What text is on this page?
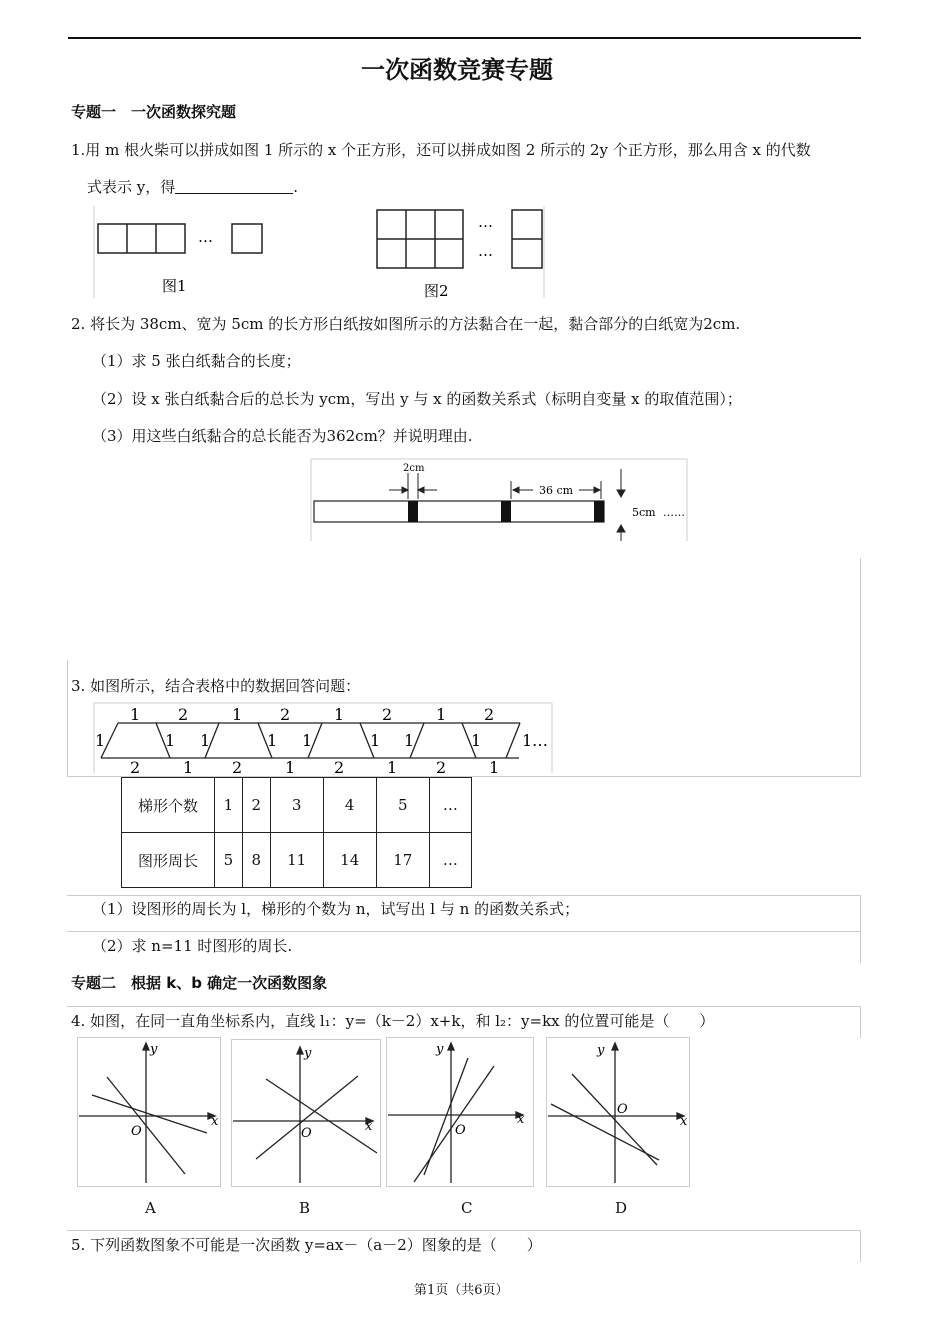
一次函数竞赛专题
专题一　一次函数探究题
1.用 m 根火柴可以拼成如图 1 所示的 x 个正方形，还可以拼成如图 2 所示的 2y 个正方形，那么用含 x 的代数
式表示 y，得	.
…
…
…
图1	图2
2. 将长为 38cm、宽为 5cm 的长方形白纸按如图所示的方法黏合在一起，黏合部分的白纸宽为2cm.
（1）求 5 张白纸黏合的长度；
（2）设 x 张白纸黏合后的总长为 ycm，写出 y 与 x 的函数关系式（标明自变量 x 的取值范围）；
（3）用这些白纸黏合的总长能否为362cm？并说明理由.
2cm
36 cm
5cm ……
3. 如图所示，结合表格中的数据回答问题：
1 2	1 2	1 2	1 2
2	1 2	1 2	1 2	1
1	1 1	1 1	1 1	1	1 …
梯形个数	1	2	3	4	5	…
图形周长	5	8	11	14	17	…
（1）设图形的周长为 l，梯形的个数为 n，试写出 l 与 n 的函数关系式；
（2）求 n=11 时图形的周长.
专题二　根据 k、b 确定一次函数图象
4. 如图，在同一直角坐标系内，直线 l₁：y=（k－2）x+k，和 l₂：y=kx 的位置可能是（　　）
y
x
O
A
y
x
O
B
y
x
O
C
y
x
O
D
5. 下列函数图象不可能是一次函数 y=ax－（a－2）图象的是（　　）
第1页（共6页）
